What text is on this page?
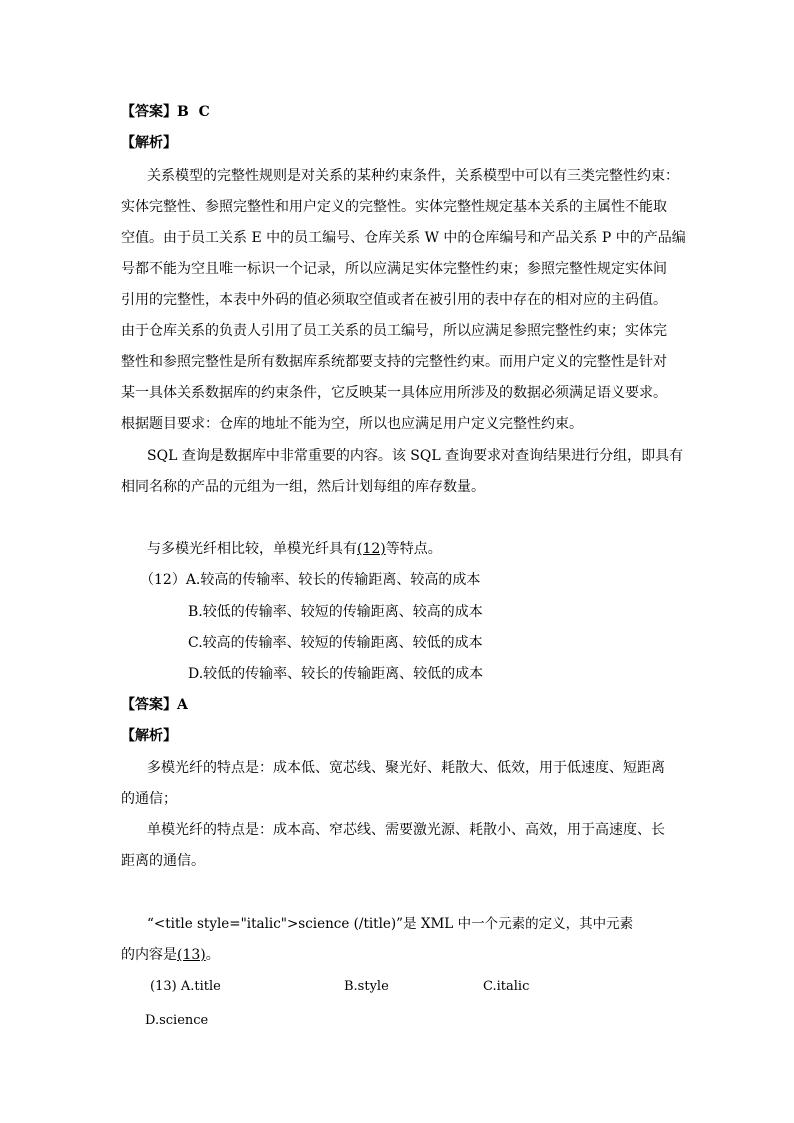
【答案】B  C
【解析】
关系模型的完整性规则是对关系的某种约束条件，关系模型中可以有三类完整性约束：
实体完整性、参照完整性和用户定义的完整性。实体完整性规定基本关系的主属性不能取
空值。由于员工关系 E 中的员工编号、仓库关系 W 中的仓库编号和产品关系 P 中的产品编
号都不能为空且唯一标识一个记录，所以应满足实体完整性约束；参照完整性规定实体间
引用的完整性，本表中外码的值必须取空值或者在被引用的表中存在的相对应的主码值。
由于仓库关系的负责人引用了员工关系的员工编号，所以应满足参照完整性约束；实体完
整性和参照完整性是所有数据库系统都要支持的完整性约束。而用户定义的完整性是针对
某一具体关系数据库的约束条件，它反映某一具体应用所涉及的数据必须满足语义要求。
根据题目要求：仓库的地址不能为空，所以也应满足用户定义完整性约束。
SQL 查询是数据库中非常重要的内容。该 SQL 查询要求对查询结果进行分组，即具有
相同名称的产品的元组为一组，然后计划每组的库存数量。
与多模光纤相比较，单模光纤具有(12)等特点。
（12）A.较高的传输率、较长的传输距离、较高的成本
B.较低的传输率、较短的传输距离、较高的成本
C.较高的传输率、较短的传输距离、较低的成本
D.较低的传输率、较长的传输距离、较低的成本
【答案】A
【解析】
多模光纤的特点是：成本低、宽芯线、聚光好、耗散大、低效，用于低速度、短距离
的通信；
单模光纤的特点是：成本高、窄芯线、需要激光源、耗散小、高效，用于高速度、长
距离的通信。
“<title style="italic">science (/title)”是 XML 中一个元素的定义，其中元素
的内容是(13)。
(13) A.title	B.style	C.italic
D.science
